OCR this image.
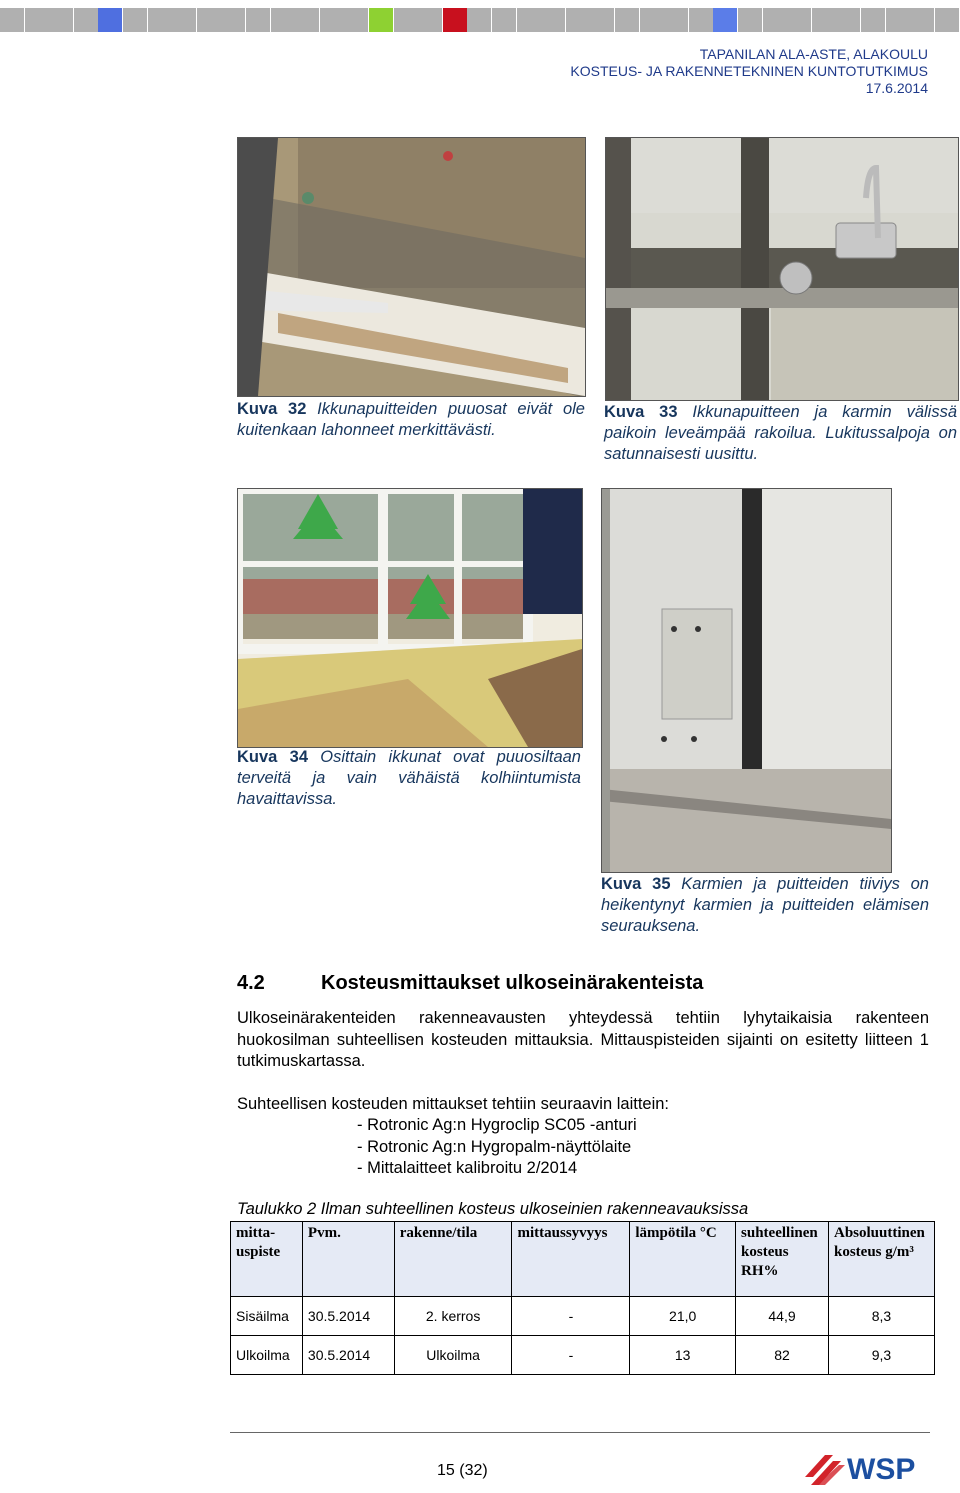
TAPANILAN ALA-ASTE, ALAKOULU
KOSTEUS- JA RAKENNETEKNINEN KUNTOTUTKIMUS
17.6.2014
Kuva 32 Ikkunapuitteiden puuosat eivät ole kuitenkaan lahonneet merkittävästi.
Kuva 33 Ikkunapuitteen ja karmin välissä paikoin leveämpää rakoilua. Lukitussalpoja on satunnaisesti uusittu.
Kuva 34 Osittain ikkunat ovat puuosiltaan terveitä ja vain vähäistä kolhiintumista havaittavissa.
Kuva 35 Karmien ja puitteiden tiiviys on heikentynyt karmien ja puitteiden elämisen seurauksena.
4.2	Kosteusmittaukset ulkoseinärakenteista
Ulkoseinärakenteiden rakenneavausten yhteydessä tehtiin lyhytaikaisia rakenteen huokosilman suhteellisen kosteuden mittauksia. Mittauspisteiden sijainti on esitetty liitteen 1 tutkimuskartassa.
Suhteellisen kosteuden mittaukset tehtiin seuraavin laittein:
- Rotronic Ag:n Hygroclip SC05 -anturi
- Rotronic Ag:n Hygropalm-näyttölaite
- Mittalaitteet kalibroitu 2/2014
Taulukko 2 Ilman suhteellinen kosteus ulkoseinien rakenneavauksissa
mitta-uspiste	Pvm.	rakenne/tila	mittaussyvyys	lämpötila °C	suhteellinen kosteus RH%	Absoluuttinen kosteus g/m³
Sisäilma	30.5.2014	2. kerros	-	21,0	44,9	8,3
Ulkoilma	30.5.2014	Ulkoilma	-	13	82	9,3
15 (32)	WSP
